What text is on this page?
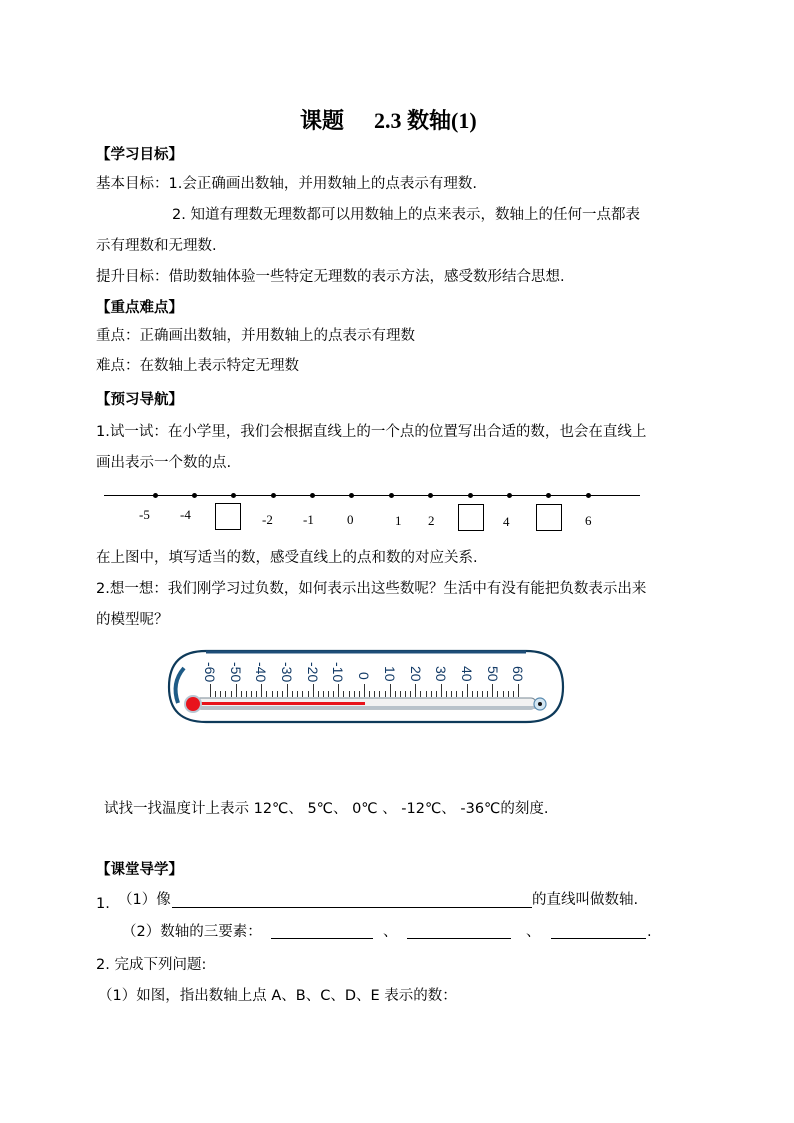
课题 2.3 数轴(1)
【学习目标】
基本目标：1.会正确画出数轴，并用数轴上的点表示有理数.
2. 知道有理数无理数都可以用数轴上的点来表示，数轴上的任何一点都表
示有理数和无理数.
提升目标：借助数轴体验一些特定无理数的表示方法，感受数形结合思想.
【重点难点】
重点：正确画出数轴，并用数轴上的点表示有理数
难点：在数轴上表示特定无理数
【预习导航】
1.试一试：在小学里，我们会根据直线上的一个点的位置写出合适的数，也会在直线上
画出表示一个数的点.
-5 -4	-2 -1	0	1 2	4	6
在上图中，填写适当的数，感受直线上的点和数的对应关系.
2.想一想：我们刚学习过负数，如何表示出这些数呢？生活中有没有能把负数表示出来
的模型呢？
-60 -50 -40 -30 -20 -10 0 10 20 30 40 50 60
试找一找温度计上表示 12℃、 5℃、 0℃ 、 -12℃、 -36℃的刻度.
【课堂导学】
1. （1）像	的直线叫做数轴.
（2）数轴的三要素：	、	、	.
2. 完成下列问题:
（1）如图，指出数轴上点 A、B、C、D、E 表示的数：
